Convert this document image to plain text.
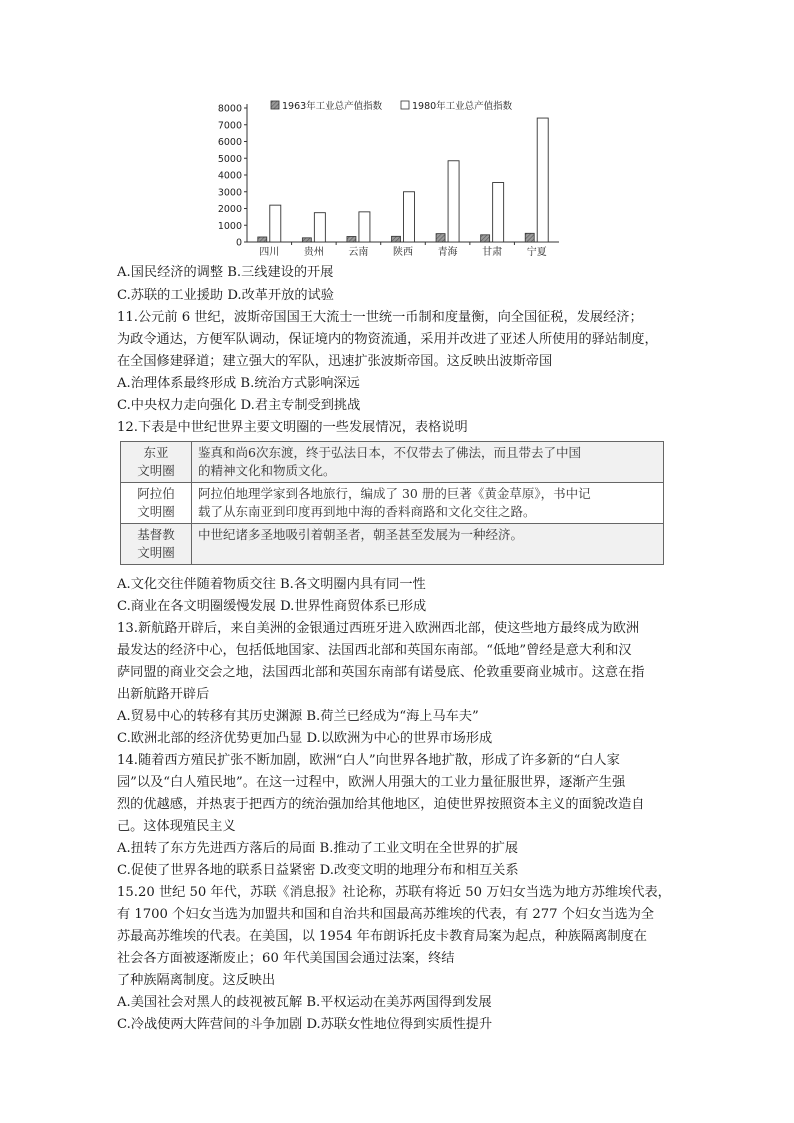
8000
7000
6000
5000
4000
3000
2000
1000
0
四川 贵州 云南 陕西 青海 甘肃 宁夏
1963年工业总产值指数	1980年工业总产值指数
A.国民经济的调整 B.三线建设的开展
C.苏联的工业援助 D.改革开放的试验
11.公元前 6 世纪，波斯帝国国王大流士一世统一币制和度量衡，向全国征税，发展经济；
为政令通达，方便军队调动，保证境内的物资流通，采用并改进了亚述人所使用的驿站制度，
在全国修建驿道；建立强大的军队，迅速扩张波斯帝国。这反映出波斯帝国
A.治理体系最终形成 B.统治方式影响深远
C.中央权力走向强化 D.君主专制受到挑战
12.下表是中世纪世界主要文明圈的一些发展情况，表格说明
东亚
文明圈	鉴真和尚6次东渡，终于弘法日本，不仅带去了佛法，而且带去了中国
的精神文化和物质文化。
阿拉伯
文明圈	阿拉伯地理学家到各地旅行，编成了 30 册的巨著《黄金草原》，书中记
载了从东南亚到印度再到地中海的香料商路和文化交往之路。
基督教
文明圈	中世纪诸多圣地吸引着朝圣者，朝圣甚至发展为一种经济。
A.文化交往伴随着物质交往 B.各文明圈内具有同一性
C.商业在各文明圈缓慢发展 D.世界性商贸体系已形成
13.新航路开辟后，来自美洲的金银通过西班牙进入欧洲西北部，使这些地方最终成为欧洲
最发达的经济中心，包括低地国家、法国西北部和英国东南部。“低地”曾经是意大利和汉
萨同盟的商业交会之地，法国西北部和英国东南部有诺曼底、伦敦重要商业城市。这意在指
出新航路开辟后
A.贸易中心的转移有其历史渊源 B.荷兰已经成为“海上马车夫”
C.欧洲北部的经济优势更加凸显 D.以欧洲为中心的世界市场形成
14.随着西方殖民扩张不断加剧，欧洲“白人”向世界各地扩散，形成了许多新的“白人家
园”以及“白人殖民地”。在这一过程中，欧洲人用强大的工业力量征服世界，逐渐产生强
烈的优越感，并热衷于把西方的统治强加给其他地区，迫使世界按照资本主义的面貌改造自
己。这体现殖民主义
A.扭转了东方先进西方落后的局面 B.推动了工业文明在全世界的扩展
C.促使了世界各地的联系日益紧密 D.改变文明的地理分布和相互关系
15.20 世纪 50 年代，苏联《消息报》社论称，苏联有将近 50 万妇女当选为地方苏维埃代表，
有 1700 个妇女当选为加盟共和国和自治共和国最高苏维埃的代表，有 277 个妇女当选为全
苏最高苏维埃的代表。在美国，以 1954 年布朗诉托皮卡教育局案为起点，种族隔离制度在
社会各方面被逐渐废止；60 年代美国国会通过法案，终结
了种族隔离制度。这反映出
A.美国社会对黑人的歧视被瓦解 B.平权运动在美苏两国得到发展
C.冷战使两大阵营间的斗争加剧 D.苏联女性地位得到实质性提升
